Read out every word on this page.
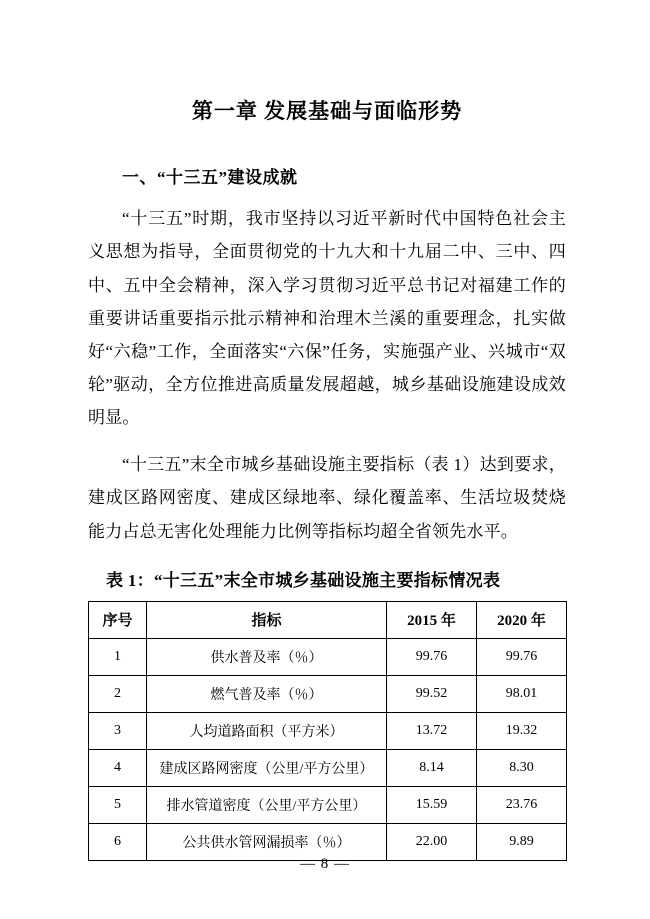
第一章 发展基础与面临形势
一、“十三五”建设成就

“十三五”时期，我市坚持以习近平新时代中国特色社会主义思想为指导，全面贯彻党的十九大和十九届二中、三中、四中、五中全会精神，深入学习贯彻习近平总书记对福建工作的重要讲话重要指示批示精神和治理木兰溪的重要理念，扎实做好“六稳”工作，全面落实“六保”任务，实施强产业、兴城市“双轮”驱动，全方位推进高质量发展超越，城乡基础设施建设成效明显。

“十三五”末全市城乡基础设施主要指标（表 1）达到要求，建成区路网密度、建成区绿地率、绿化覆盖率、生活垃圾焚烧能力占总无害化处理能力比例等指标均超全省领先水平。

表 1：“十三五”末全市城乡基础设施主要指标情况表
序号	指标	2015 年	2020 年
1	供水普及率（％）	99.76	99.76
2	燃气普及率（％）	99.52	98.01
3	人均道路面积（平方米）	13.72	19.32
4	建成区路网密度（公里/平方公里）	8.14	8.30
5	排水管道密度（公里/平方公里）	15.59	23.76
6	公共供水管网漏损率（％）	22.00	9.89
— 8 —
